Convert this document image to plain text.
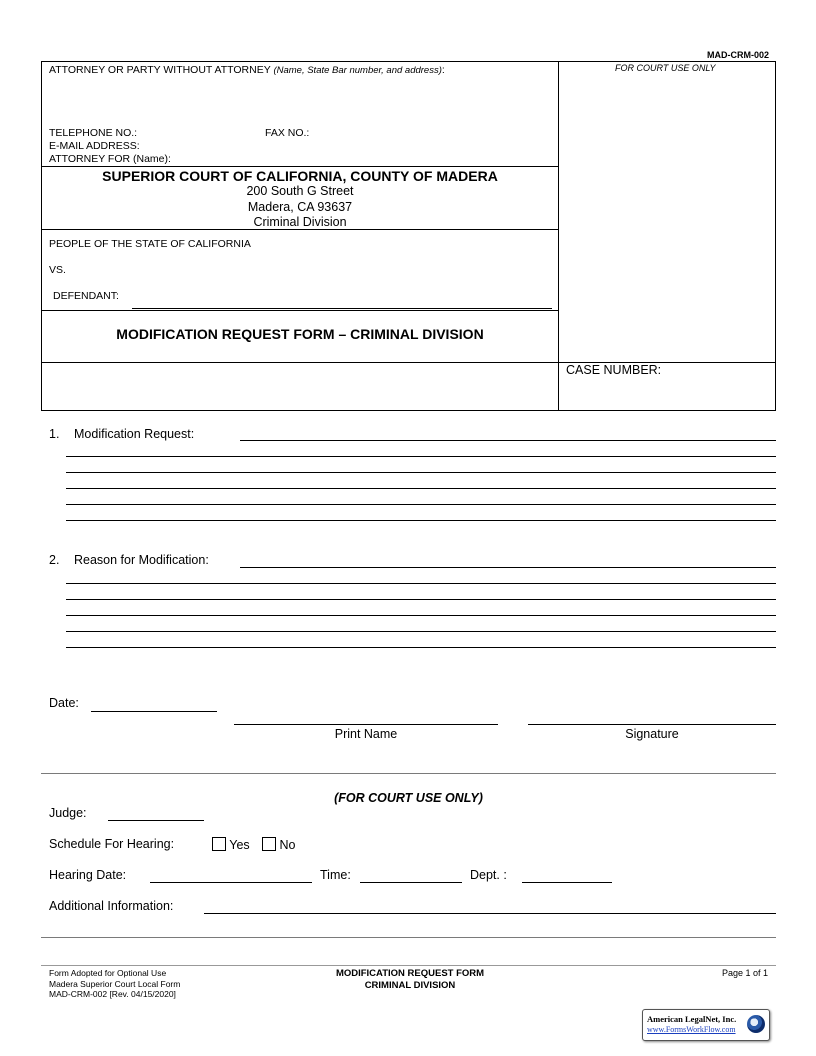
MAD-CRM-002
ATTORNEY OR PARTY WITHOUT ATTORNEY (Name, State Bar number, and address):	FOR COURT USE ONLY
TELEPHONE NO.:	FAX NO.:
E-MAIL ADDRESS:
ATTORNEY FOR (Name):
SUPERIOR COURT OF CALIFORNIA, COUNTY OF MADERA
200 South G Street
Madera, CA 93637
Criminal Division
PEOPLE OF THE STATE OF CALIFORNIA
VS.
DEFENDANT:
MODIFICATION REQUEST FORM – CRIMINAL DIVISION
CASE NUMBER:
1. Modification Request:
2. Reason for Modification:
Date:
Print Name	Signature
(FOR COURT USE ONLY)
Judge:
Schedule For Hearing:	Yes	No
Hearing Date:	Time:	Dept. :
Additional Information:
Form Adopted for Optional Use
Madera Superior Court Local Form
MAD-CRM-002 [Rev. 04/15/2020]
MODIFICATION REQUEST FORM
CRIMINAL DIVISION
Page 1 of 1
American LegalNet, Inc.
www.FormsWorkFlow.com
